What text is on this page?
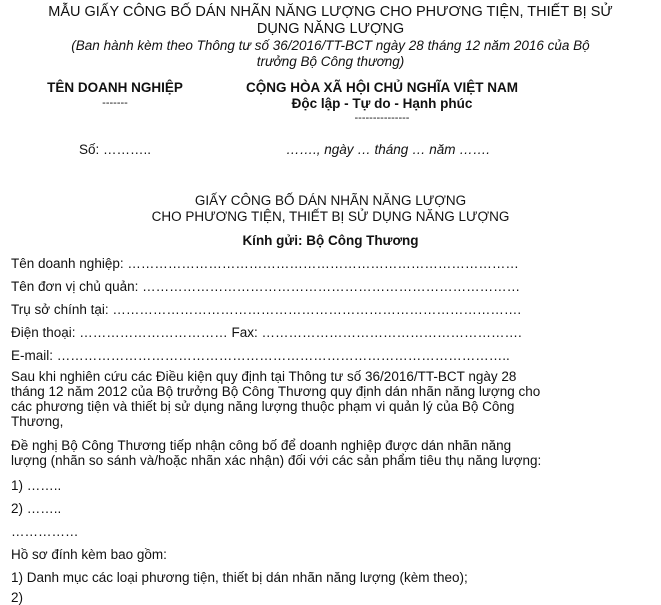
MẪU GIẤY CÔNG BỐ DÁN NHÃN NĂNG LƯỢNG CHO PHƯƠNG TIỆN, THIẾT BỊ SỬ
DỤNG NĂNG LƯỢNG
(Ban hành kèm theo Thông tư số 36/2016/TT-BCT ngày 28 tháng 12 năm 2016 của Bộ
trưởng Bộ Công thương)
TÊN DOANH NGHIỆP
-------
Số: ………..
CỘNG HÒA XÃ HỘI CHỦ NGHĨA VIỆT NAM
Độc lập - Tự do - Hạnh phúc
---------------
……., ngày … tháng … năm …….
GIẤY CÔNG BỐ DÁN NHÃN NĂNG LƯỢNG
CHO PHƯƠNG TIỆN, THIẾT BỊ SỬ DỤNG NĂNG LƯỢNG
Kính gửi: Bộ Công Thương
Tên doanh nghiệp: ……………………………………………………………………………
Tên đơn vị chủ quản: …………………………………………………………………………
Trụ sở chính tại: ……………………………………………………………………………….
Điện thoại: …………………………… Fax: ………………………………………………….
E-mail: ………………………………………………………………………………………..
Sau khi nghiên cứu các Điều kiện quy định tại Thông tư số 36/2016/TT-BCT ngày 28
tháng 12 năm 2012 của Bộ trưởng Bộ Công Thương quy định dán nhãn năng lượng cho
các phương tiện và thiết bị sử dụng năng lượng thuộc phạm vi quản lý của Bộ Công
Thương,
Đề nghị Bộ Công Thương tiếp nhận công bố để doanh nghiệp được dán nhãn năng
lượng (nhãn so sánh và/hoặc nhãn xác nhận) đối với các sản phẩm tiêu thụ năng lượng:
1) ……..
2) ……..
……………
Hồ sơ đính kèm bao gồm:
1) Danh mục các loại phương tiện, thiết bị dán nhãn năng lượng (kèm theo);
2)
